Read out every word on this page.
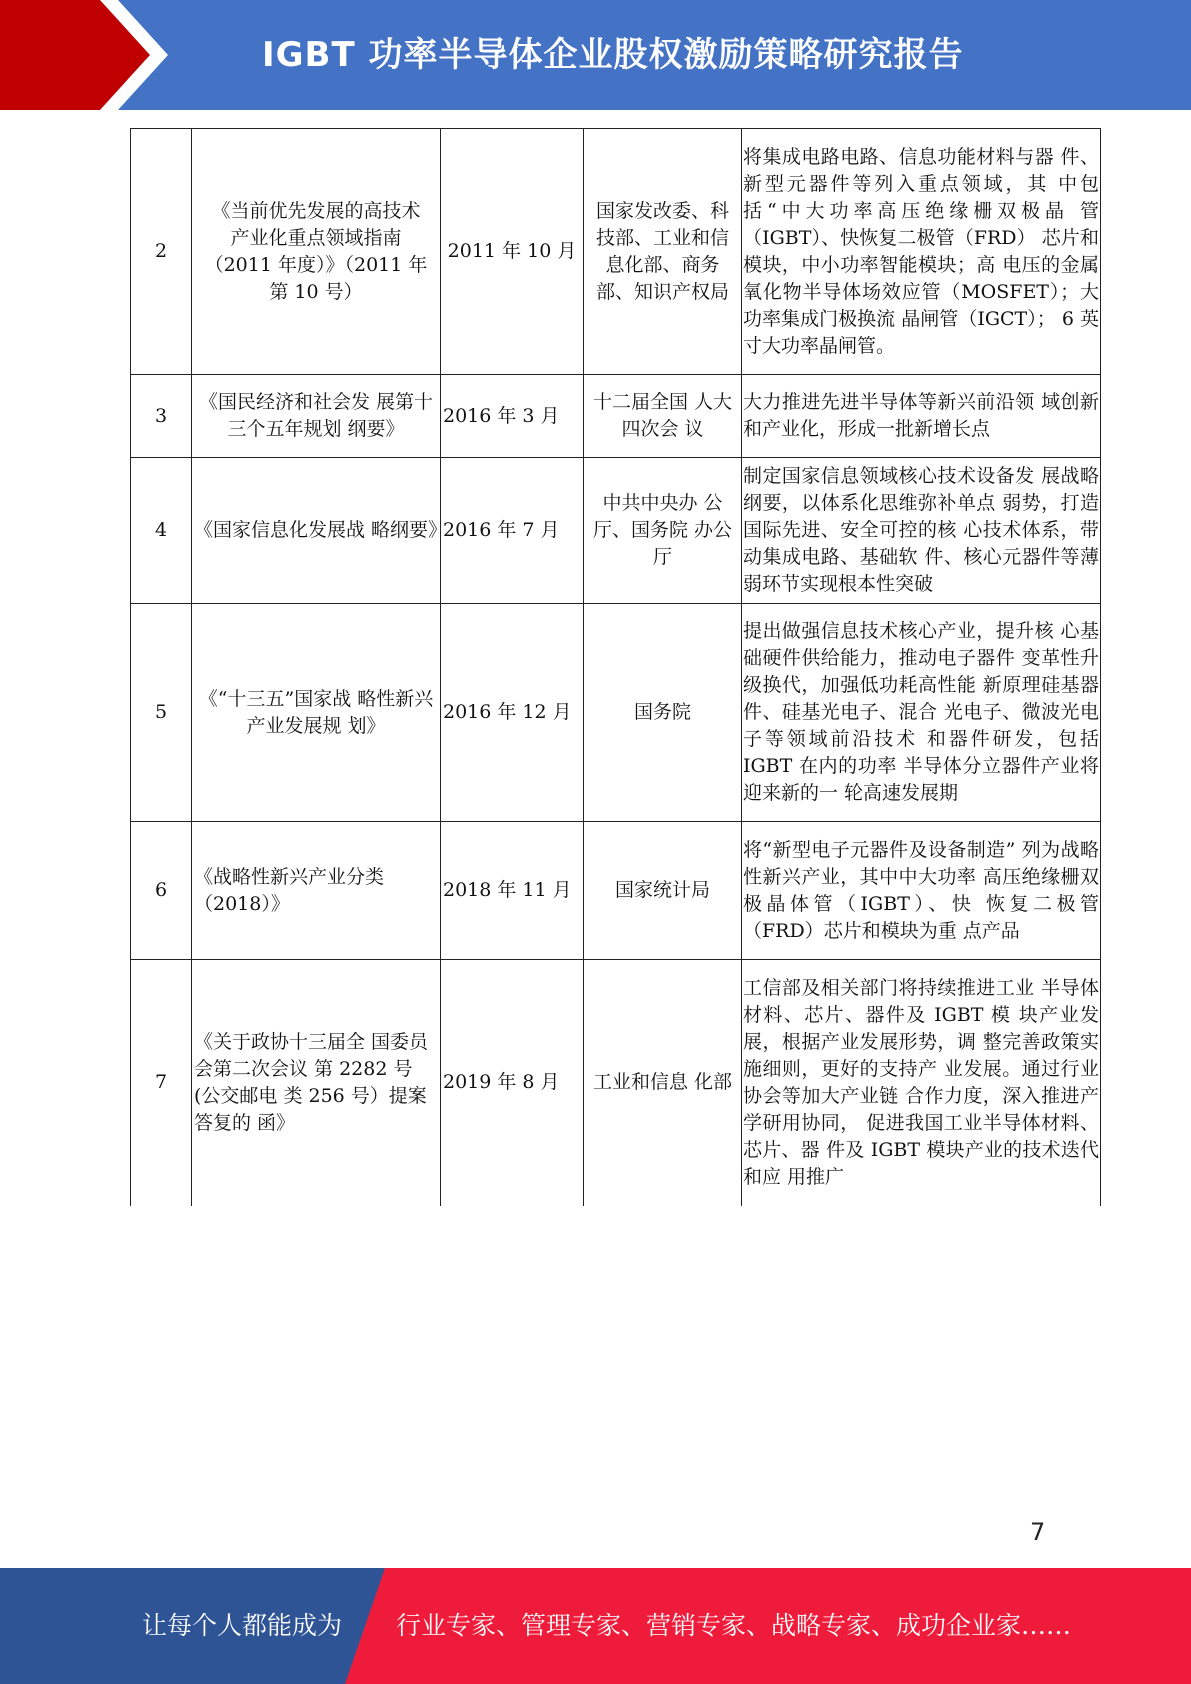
IGBT 功率半导体企业股权激励策略研究报告
2	《当前优先发展的高技术产业化重点领域指南（2011 年度）》（2011 年第 10 号）	2011 年 10 月	国家发改委、科技部、工业和信息化部、商务部、知识产权局	将集成电路电路、信息功能材料与器 件、新型元器件等列入重点领域，其 中包括“中大功率高压绝缘栅双极晶 管（IGBT）、快恢复二极管（FRD） 芯片和模块，中小功率智能模块；高 电压的金属氧化物半导体场效应管（MOSFET）；大功率集成门极换流 晶闸管（IGCT）； 6 英寸大功率晶闸管。
3	《国民经济和社会发 展第十三个五年规划 纲要》	2016 年 3 月	十二届全国 人大四次会 议	大力推进先进半导体等新兴前沿领 域创新和产业化，形成一批新增长点
4	《国家信息化发展战 略纲要》	2016 年 7 月	中共中央办 公厅、国务院 办公厅	制定国家信息领域核心技术设备发 展战略纲要，以体系化思维弥补单点 弱势，打造国际先进、安全可控的核 心技术体系，带动集成电路、基础软 件、核心元器件等薄弱环节实现根本性突破
5	《“十三五”国家战 略性新兴产业发展规 划》	2016 年 12 月	国务院	提出做强信息技术核心产业，提升核 心基础硬件供给能力，推动电子器件 变革性升级换代，加强低功耗高性能 新原理硅基器件、硅基光电子、混合 光电子、微波光电子等领域前沿技术 和器件研发，包括 IGBT 在内的功率 半导体分立器件产业将迎来新的一 轮高速发展期
6	《战略性新兴产业分类（2018）》	2018 年 11 月	国家统计局	将“新型电子元器件及设备制造” 列为战略性新兴产业，其中中大功率 高压绝缘栅双极晶体管（IGBT）、快 恢复二极管（FRD）芯片和模块为重 点产品
7	《关于政协十三届全 国委员会第二次会议 第 2282 号(公交邮电 类 256 号）提案答复的 函》	2019 年 8 月	工业和信息 化部	工信部及相关部门将持续推进工业 半导体材料、芯片、器件及 IGBT 模 块产业发展，根据产业发展形势，调 整完善政策实施细则，更好的支持产 业发展。通过行业协会等加大产业链 合作力度，深入推进产学研用协同， 促进我国工业半导体材料、芯片、器 件及 IGBT 模块产业的技术迭代和应 用推广
7
让每个人都能成为 行业专家、管理专家、营销专家、战略专家、成功企业家……
